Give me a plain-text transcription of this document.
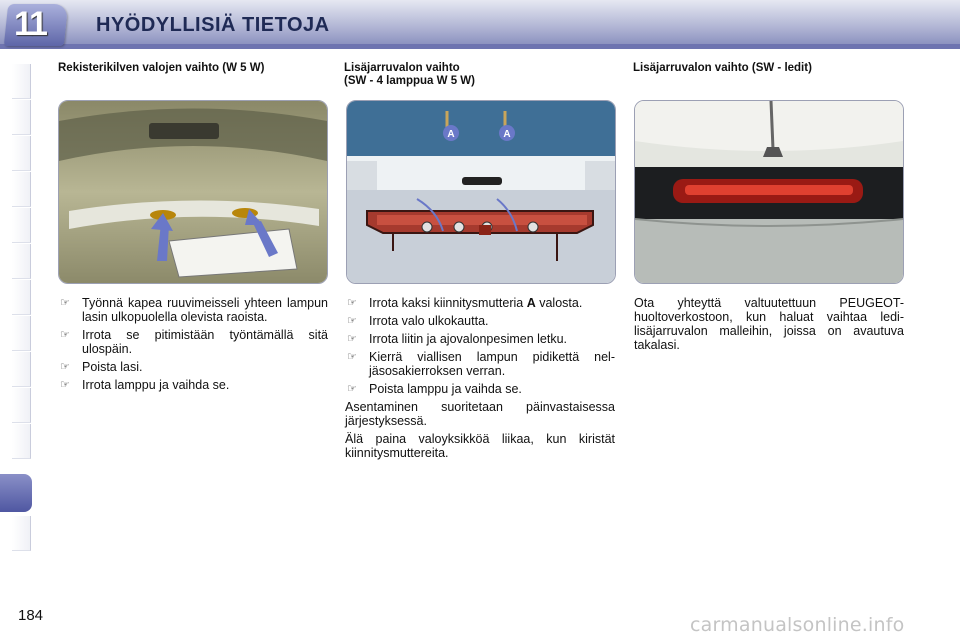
11	HYÖDYLLISIÄ TIETOJA

Rekisterikilven valojen vaihto (W 5 W)	Lisäjarruvalon vaihto
(SW - 4 lamppua W 5 W)

Lisäjarruvalon vaihto (SW - ledit)

A	A
☞ Työnnä kapea ruuvimeisseli yhteen lampun lasin ulkopuolella olevista raoista.
☞ Irrota se pitimistään työntämällä sitä ulospäin.
☞ Poista lasi.
☞ Irrota lamppu ja vaihda se.
☞ Irrota kaksi kiinnitysmutteria A valosta.
☞ Irrota valo ulkokautta.
☞ Irrota liitin ja ajovalonpesimen letku.
☞ Kierrä viallisen lampun pidikettä neljäsosakierroksen verran.
☞ Poista lamppu ja vaihda se.

Asentaminen suoritetaan päinvastaisessa järjestyksessä.

Älä paina valoyksikköä liikaa, kun kiristät kiinnitysmuttereita.

Ota yhteyttä valtuutettuun PEUGEOT-huoltoverkostoon, kun haluat vaihtaa ledi-lisäjarruvalon malleihin, joissa on avautuva takalasi.

184	carmanualsonline.info
